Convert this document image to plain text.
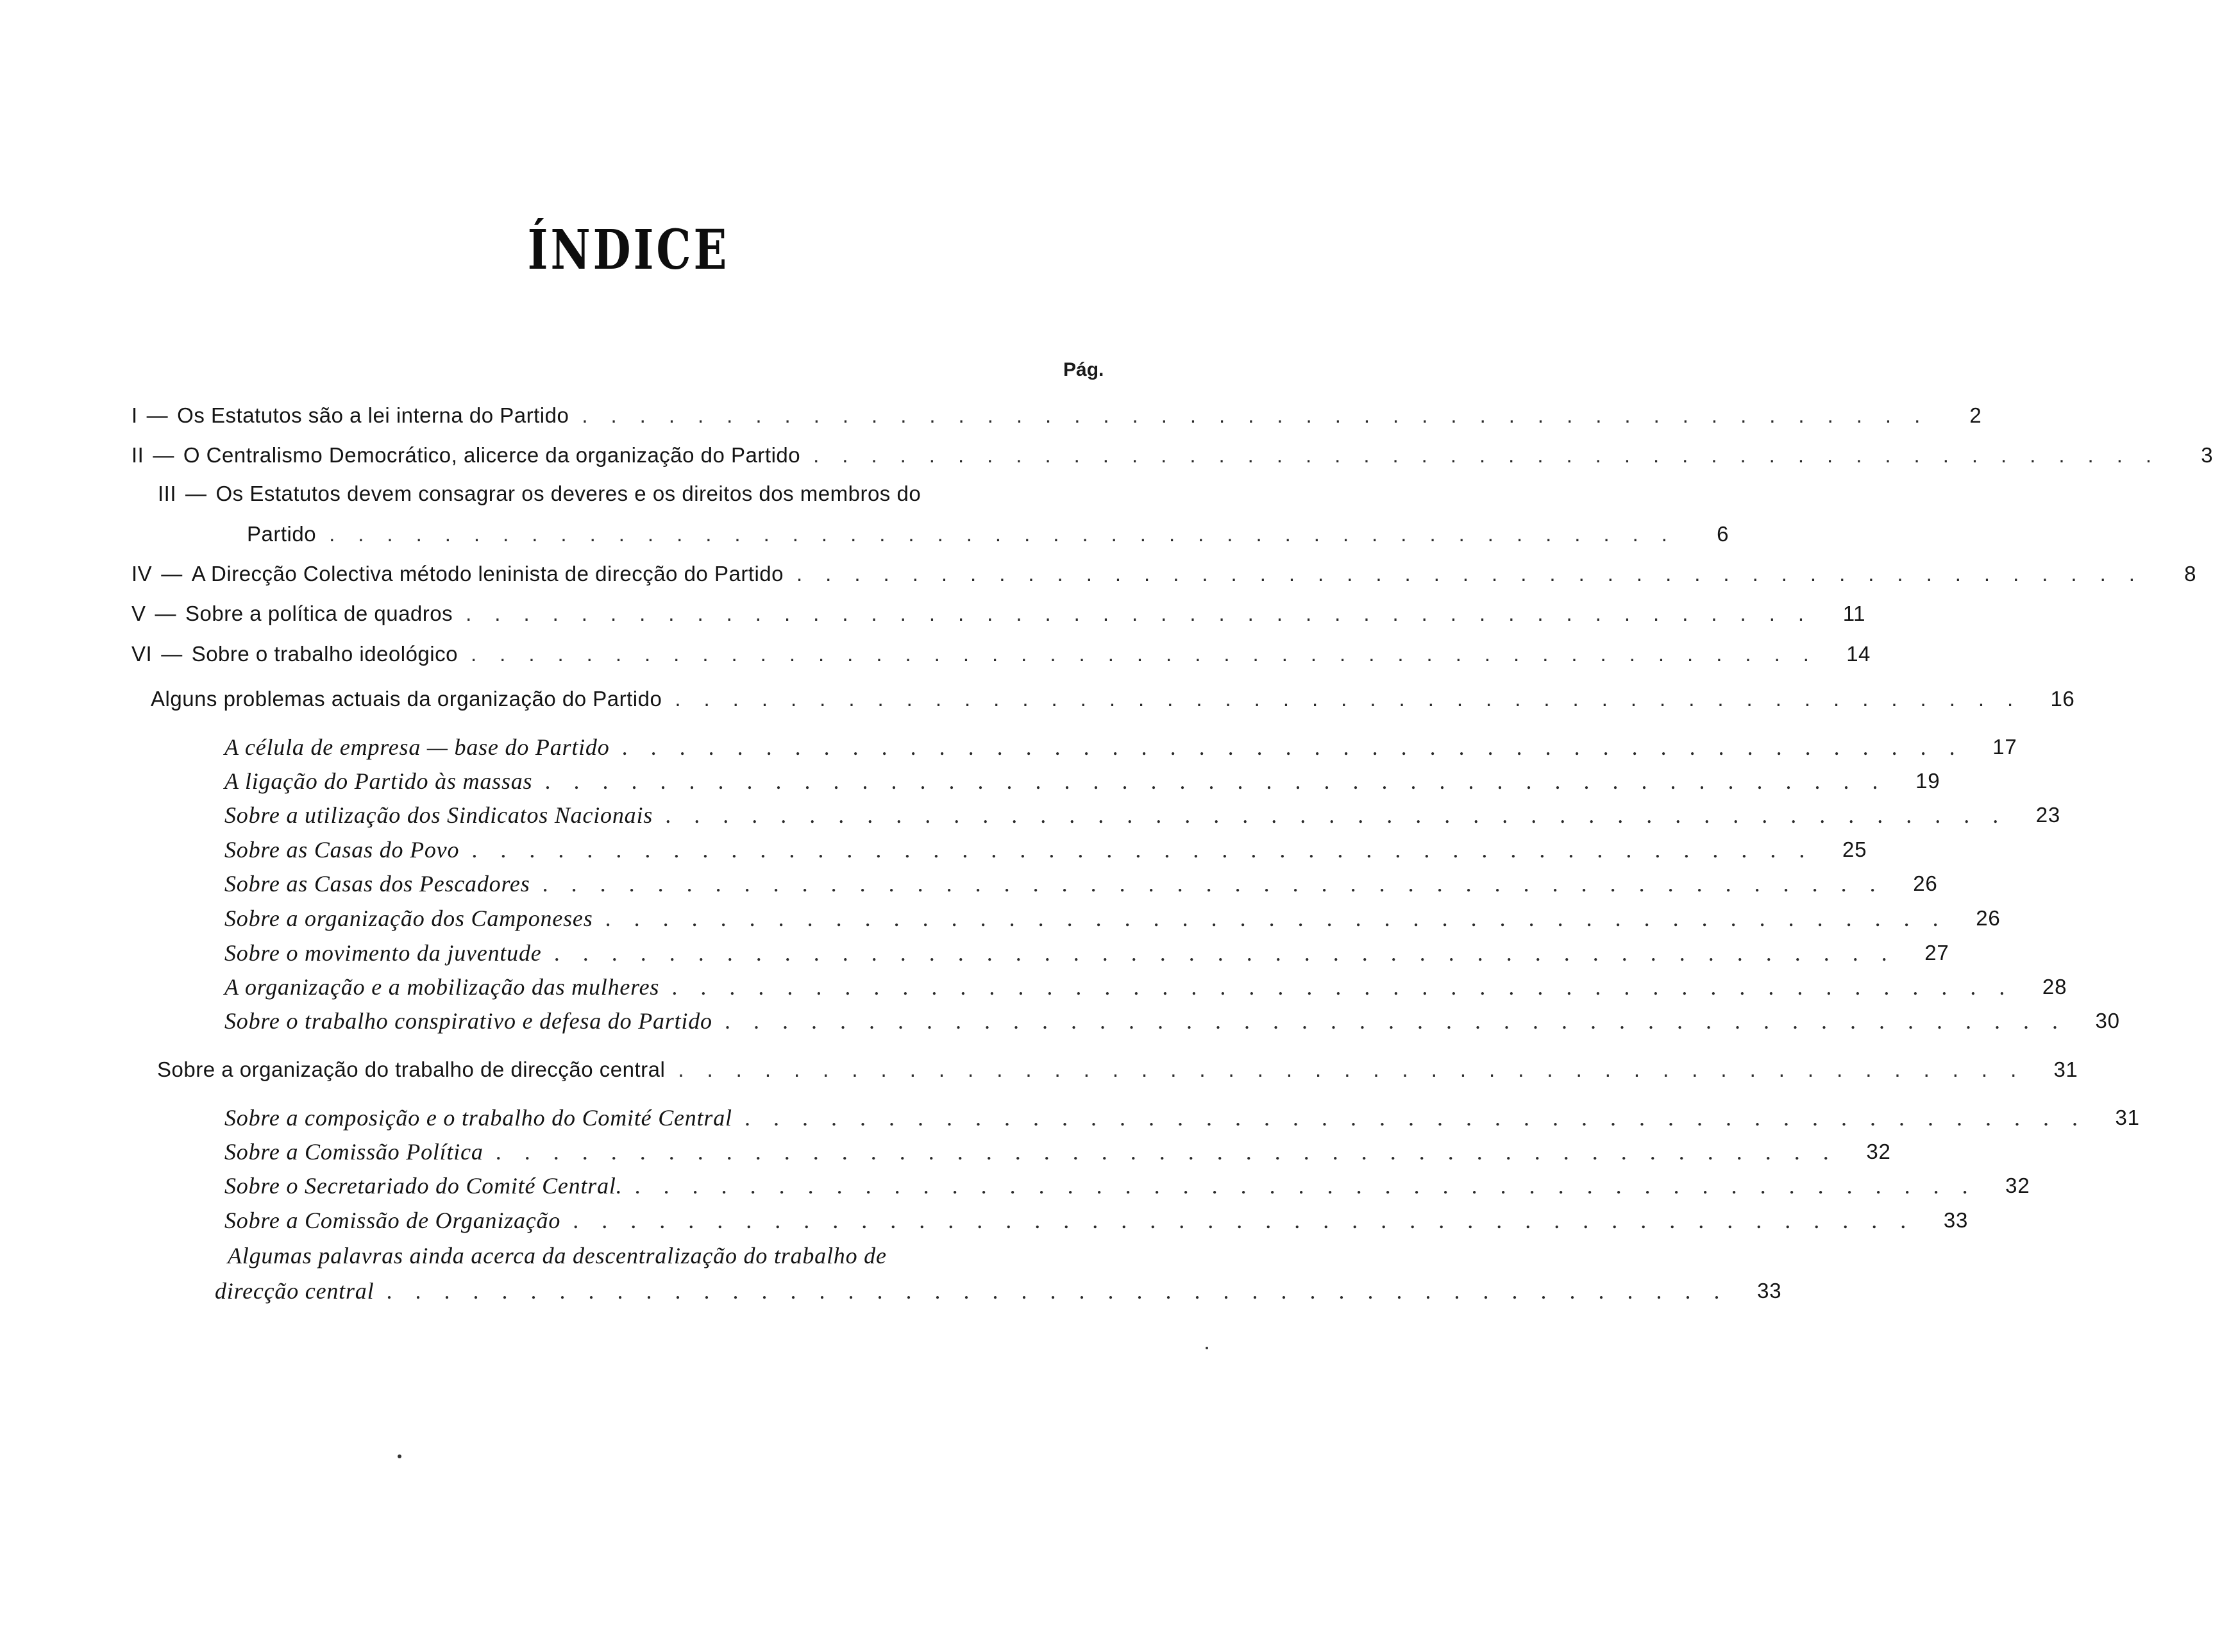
ÍNDICE
Pág.
I — Os Estatutos são a lei interna do Partido ...............................................	2
II — O Centralismo Democrático, alicerce da organização do Partido ...............................................	3
III — Os Estatutos devem consagrar os deveres e os direitos dos membros do
Partido ...............................................	6
IV — A Direcção Colectiva método leninista de direcção do Partido ...............................................	8
V — Sobre a política de quadros ............................................... 11
VI — Sobre o trabalho ideológico ............................................... 14
Alguns problemas actuais da organização do Partido ............................................... 16
A célula de empresa — base do Partido ............................................... 17
A ligação do Partido às massas ............................................... 19
Sobre a utilização dos Sindicatos Nacionais ............................................... 23
Sobre as Casas do Povo ............................................... 25
Sobre as Casas dos Pescadores ............................................... 26
Sobre a organização dos Camponeses ............................................... 26
Sobre o movimento da juventude ............................................... 27
A organização e a mobilização das mulheres ............................................... 28
Sobre o trabalho conspirativo e defesa do Partido ............................................... 30
Sobre a organização do trabalho de direcção central ............................................... 31
Sobre a composição e o trabalho do Comité Central ............................................... 31
Sobre a Comissão Política ............................................... 32
Sobre o Secretariado do Comité Central. ............................................... 32
Sobre a Comissão de Organização ............................................... 33
Algumas palavras ainda acerca da descentralização do trabalho de
direcção central ............................................... 33
